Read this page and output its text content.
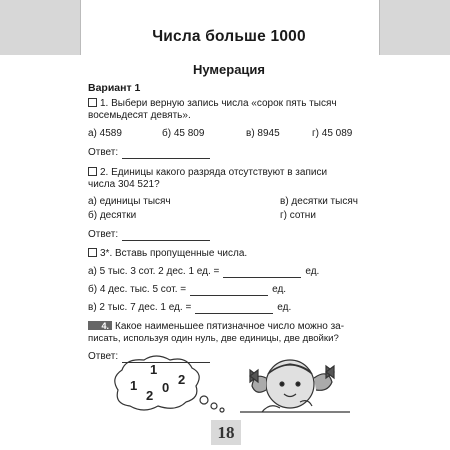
Числа больше 1000
Нумерация
Вариант 1
1. Выбери верную запись числа «сорок пять тысяч
восемьдесят девять».
а) 4589	б) 45 809	в) 8945	г) 45 089
Ответ:
2. Единицы какого разряда отсутствуют в записи
числа 304 521?
а) единицы тысяч	в) десятки тысяч
б) десятки	г) сотни
Ответ:
3*. Вставь пропущенные числа.
а) 5 тыс. 3 сот. 2 дес. 1 ед. =	ед.
б) 4 дес. тыс. 5 сот. =	ед.
в) 2 тыс. 7 дес. 1 ед. =	ед.
4. Какое наименьшее пятизначное число можно за-
писать, используя один нуль, две единицы, две двойки?
Ответ:
1
1
2
0
2
18
